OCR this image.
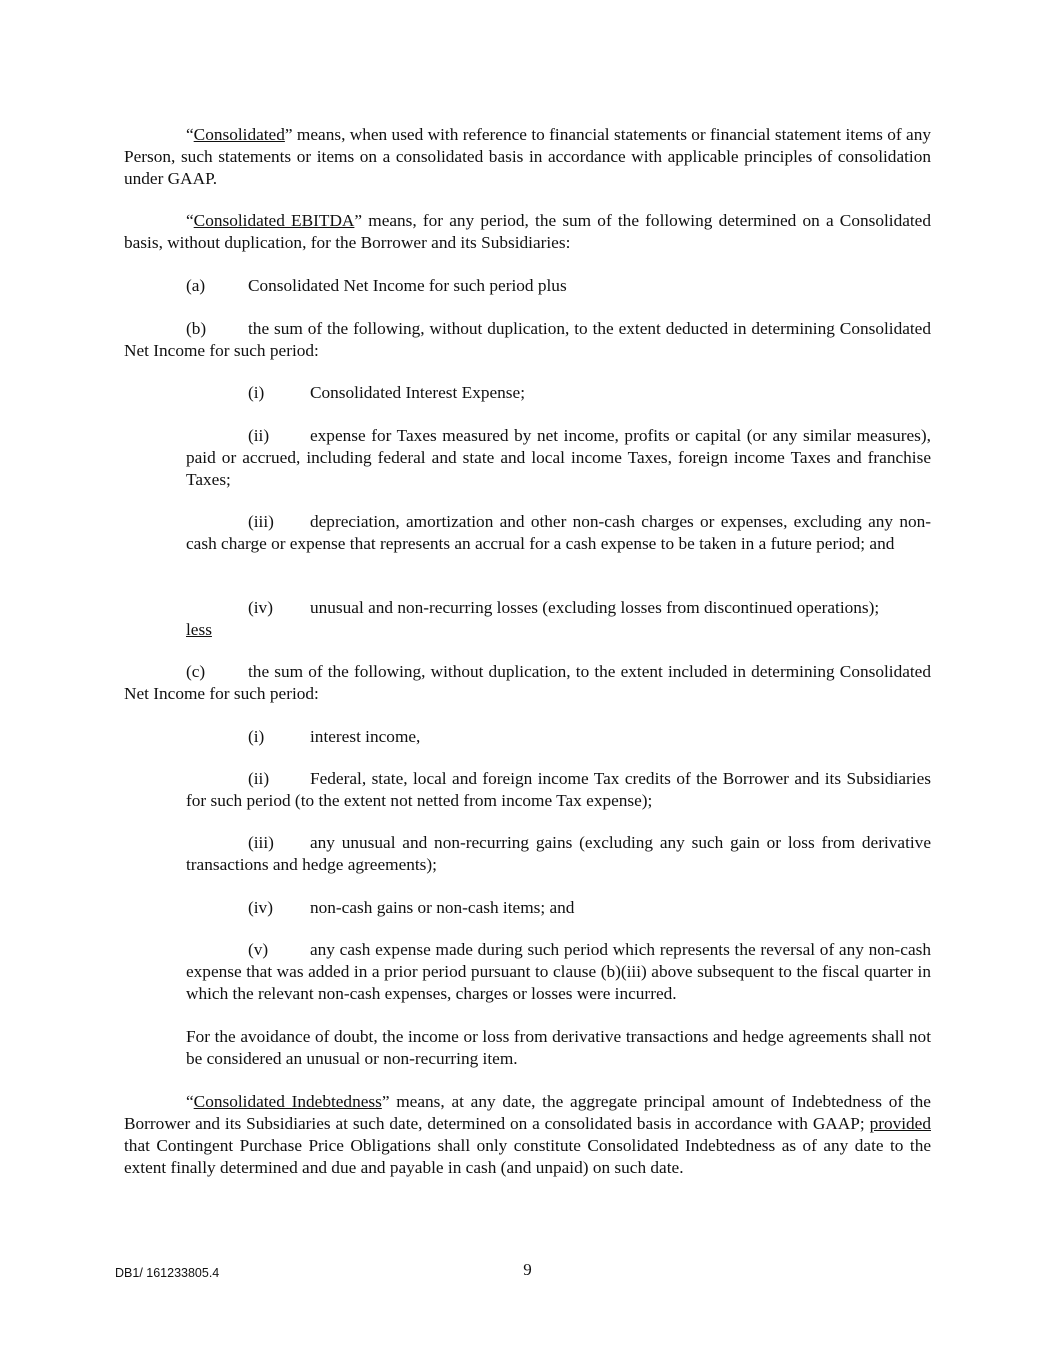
“Consolidated” means, when used with reference to financial statements or financial statement items of any Person, such statements or items on a consolidated basis in accordance with applicable principles of consolidation under GAAP.

“Consolidated EBITDA” means, for any period, the sum of the following determined on a Consolidated basis, without duplication, for the Borrower and its Subsidiaries:

(a) Consolidated Net Income for such period plus

(b) the sum of the following, without duplication, to the extent deducted in determining Consolidated Net Income for such period:

(i)	Consolidated Interest Expense;

(ii) expense for Taxes measured by net income, profits or capital (or any similar measures), paid or accrued, including federal and state and local income Taxes, foreign income Taxes and franchise Taxes;

(iii) depreciation, amortization and other non-cash charges or expenses, excluding any non-cash charge or expense that represents an accrual for a cash expense to be taken in a future period; and

(iv) unusual and non-recurring losses (excluding losses from discontinued operations);

less

(c) the sum of the following, without duplication, to the extent included in determining Consolidated Net Income for such period:

(i)	interest income,

(ii) Federal, state, local and foreign income Tax credits of the Borrower and its Subsidiaries for such period (to the extent not netted from income Tax expense);

(iii) any unusual and non-recurring gains (excluding any such gain or loss from derivative transactions and hedge agreements);

(iv) non-cash gains or non-cash items; and

(v) any cash expense made during such period which represents the reversal of any non-cash expense that was added in a prior period pursuant to clause (b)(iii) above subsequent to the fiscal quarter in which the relevant non-cash expenses, charges or losses were incurred.

For the avoidance of doubt, the income or loss from derivative transactions and hedge agreements shall not be considered an unusual or non-recurring item.

“Consolidated Indebtedness” means, at any date, the aggregate principal amount of Indebtedness of the Borrower and its Subsidiaries at such date, determined on a consolidated basis in accordance with GAAP; provided that Contingent Purchase Price Obligations shall only constitute Consolidated Indebtedness as of any date to the extent finally determined and due and payable in cash (and unpaid) on such date.

DB1/ 161233805.4	9
